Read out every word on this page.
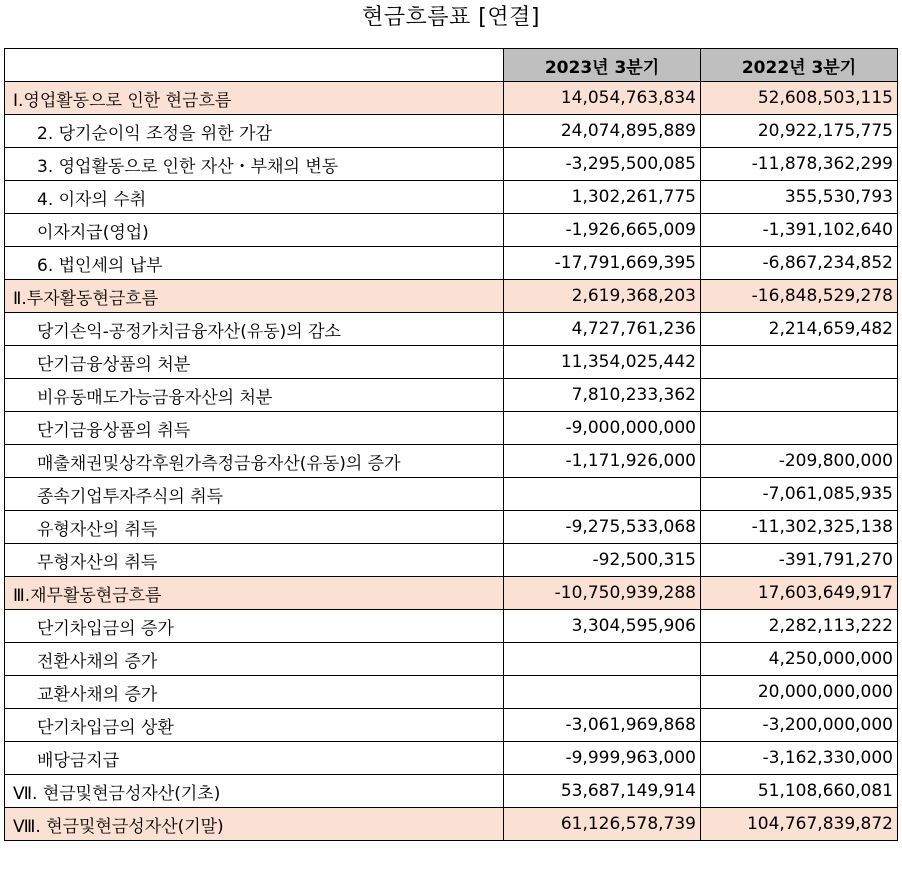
현금흐름표 [연결]
	2023년 3분기	2022년 3분기
Ⅰ.영업활동으로 인한 현금흐름	14,054,763,834	52,608,503,115
2. 당기순이익 조정을 위한 가감	24,074,895,889	20,922,175,775
3. 영업활동으로 인한 자산・부채의 변동	-3,295,500,085	-11,878,362,299
4. 이자의 수취	1,302,261,775	355,530,793
이자지급(영업)	-1,926,665,009	-1,391,102,640
6. 법인세의 납부	-17,791,669,395	-6,867,234,852
Ⅱ.투자활동현금흐름	2,619,368,203	-16,848,529,278
당기손익-공정가치금융자산(유동)의 감소	4,727,761,236	2,214,659,482
단기금융상품의 처분	11,354,025,442	
비유동매도가능금융자산의 처분	7,810,233,362	
단기금융상품의 취득	-9,000,000,000	
매출채권및상각후원가측정금융자산(유동)의 증가	-1,171,926,000	-209,800,000
종속기업투자주식의 취득		-7,061,085,935
유형자산의 취득	-9,275,533,068	-11,302,325,138
무형자산의 취득	-92,500,315	-391,791,270
Ⅲ.재무활동현금흐름	-10,750,939,288	17,603,649,917
단기차입금의 증가	3,304,595,906	2,282,113,222
전환사채의 증가		4,250,000,000
교환사채의 증가		20,000,000,000
단기차입금의 상환	-3,061,969,868	-3,200,000,000
배당금지급	-9,999,963,000	-3,162,330,000
Ⅶ. 현금및현금성자산(기초)	53,687,149,914	51,108,660,081
Ⅷ. 현금및현금성자산(기말)	61,126,578,739	104,767,839,872
